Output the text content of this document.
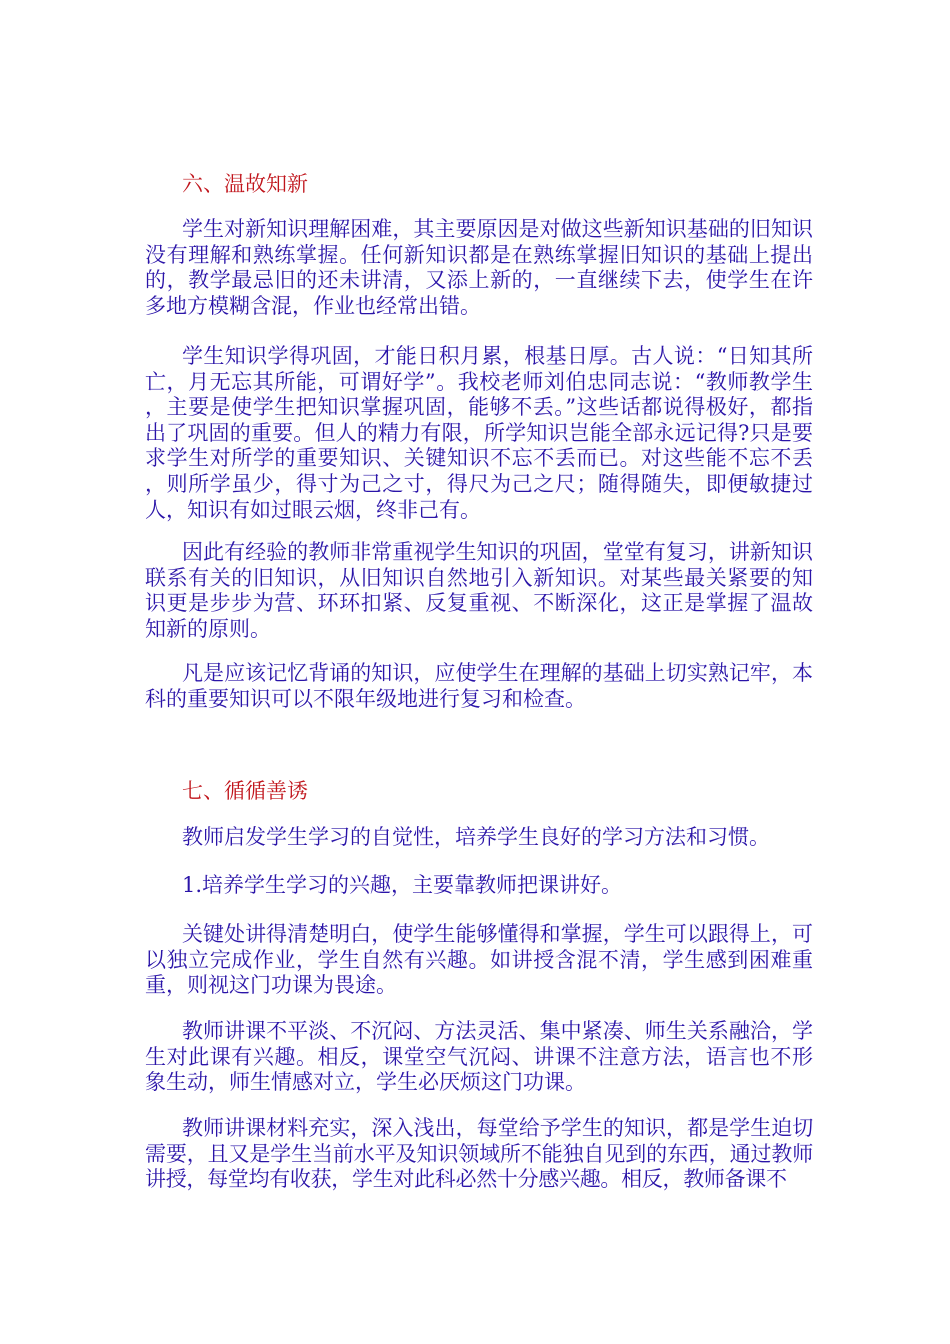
六、温故知新

学生对新知识理解困难，其主要原因是对做这些新知识基础的旧知识没有理解和熟练掌握。任何新知识都是在熟练掌握旧知识的基础上提出的，教学最忌旧的还未讲清，又添上新的，一直继续下去，使学生在许多地方模糊含混，作业也经常出错。

学生知识学得巩固，才能日积月累，根基日厚。古人说：“日知其所亡，月无忘其所能，可谓好学”。我校老师刘伯忠同志说：“教师教学生，主要是使学生把知识掌握巩固，能够不丢。”这些话都说得极好，都指出了巩固的重要。但人的精力有限，所学知识岂能全部永远记得?只是要求学生对所学的重要知识、关键知识不忘不丢而已。对这些能不忘不丢，则所学虽少，得寸为己之寸，得尺为己之尺；随得随失，即便敏捷过人，知识有如过眼云烟，终非己有。

因此有经验的教师非常重视学生知识的巩固，堂堂有复习，讲新知识联系有关的旧知识，从旧知识自然地引入新知识。对某些最关紧要的知识更是步步为营、环环扣紧、反复重视、不断深化，这正是掌握了温故知新的原则。

凡是应该记忆背诵的知识，应使学生在理解的基础上切实熟记牢，本科的重要知识可以不限年级地进行复习和检查。

七、循循善诱

教师启发学生学习的自觉性，培养学生良好的学习方法和习惯。

1.培养学生学习的兴趣，主要靠教师把课讲好。

关键处讲得清楚明白，使学生能够懂得和掌握，学生可以跟得上，可以独立完成作业，学生自然有兴趣。如讲授含混不清，学生感到困难重重，则视这门功课为畏途。

教师讲课不平淡、不沉闷、方法灵活、集中紧凑、师生关系融洽，学生对此课有兴趣。相反，课堂空气沉闷、讲课不注意方法，语言也不形象生动，师生情感对立，学生必厌烦这门功课。

教师讲课材料充实，深入浅出，每堂给予学生的知识，都是学生迫切需要，且又是学生当前水平及知识领域所不能独自见到的东西，通过教师讲授，每堂均有收获，学生对此科必然十分感兴趣。相反，教师备课不
